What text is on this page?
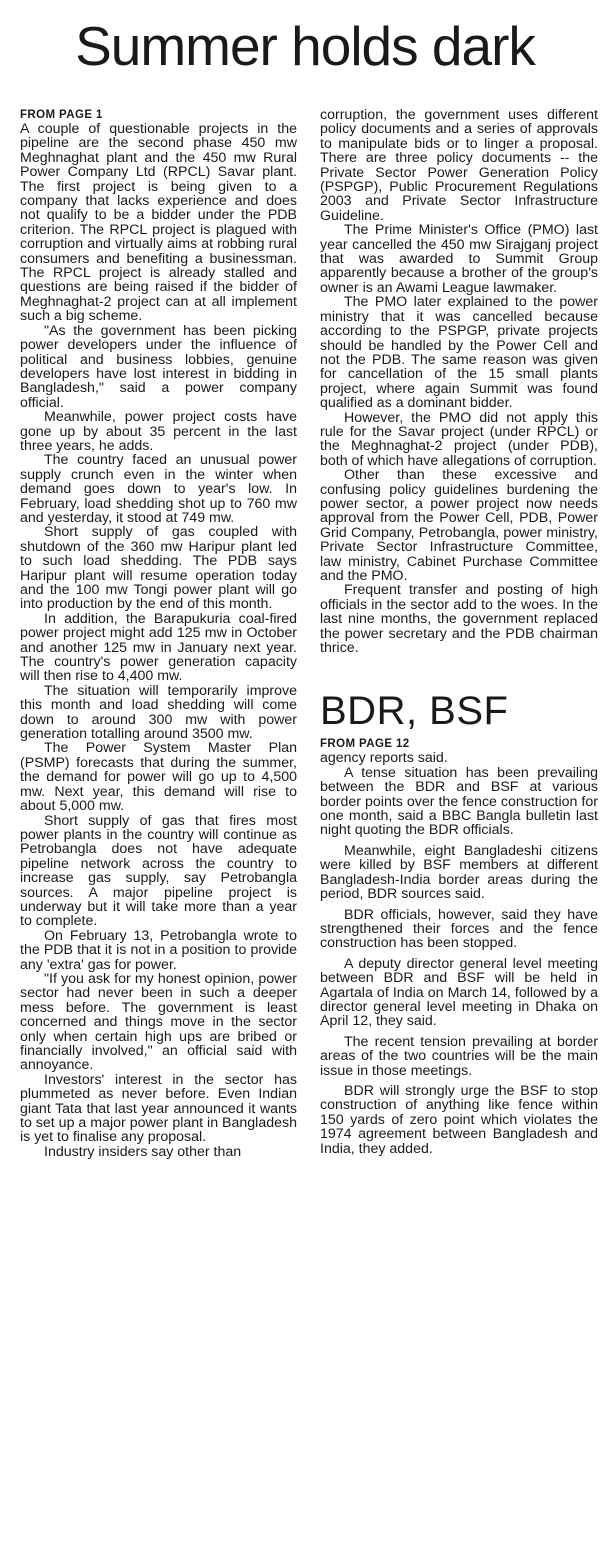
Summer holds dark
FROM PAGE 1

A couple of questionable projects in the pipeline are the second phase 450 mw Meghnaghat plant and the 450 mw Rural Power Company Ltd (RPCL) Savar plant. The first project is being given to a company that lacks experience and does not qualify to be a bidder under the PDB criterion. The RPCL project is plagued with corruption and virtually aims at robbing rural consumers and benefiting a businessman. The RPCL project is already stalled and questions are being raised if the bidder of Meghnaghat-2 project can at all implement such a big scheme.

"As the government has been picking power developers under the influence of political and business lobbies, genuine developers have lost interest in bidding in Bangladesh," said a power company official.

Meanwhile, power project costs have gone up by about 35 percent in the last three years, he adds.

The country faced an unusual power supply crunch even in the winter when demand goes down to year's low. In February, load shedding shot up to 760 mw and yesterday, it stood at 749 mw.

Short supply of gas coupled with shutdown of the 360 mw Haripur plant led to such load shedding. The PDB says Haripur plant will resume operation today and the 100 mw Tongi power plant will go into production by the end of this month.

In addition, the Barapukuria coal-fired power project might add 125 mw in October and another 125 mw in January next year. The country's power generation capacity will then rise to 4,400 mw.

The situation will temporarily improve this month and load shedding will come down to around 300 mw with power generation totalling around 3500 mw.

The Power System Master Plan (PSMP) forecasts that during the summer, the demand for power will go up to 4,500 mw. Next year, this demand will rise to about 5,000 mw.

Short supply of gas that fires most power plants in the country will continue as Petrobangla does not have adequate pipeline network across the country to increase gas supply, say Petrobangla sources. A major pipeline project is underway but it will take more than a year to complete.

On February 13, Petrobangla wrote to the PDB that it is not in a position to provide any 'extra' gas for power.

"If you ask for my honest opinion, power sector had never been in such a deeper mess before. The government is least concerned and things move in the sector only when certain high ups are bribed or financially involved," an official said with annoyance.

Investors' interest in the sector has plummeted as never before. Even Indian giant Tata that last year announced it wants to set up a major power plant in Bangladesh is yet to finalise any proposal.

Industry insiders say other than

corruption, the government uses different policy documents and a series of approvals to manipulate bids or to linger a proposal. There are three policy documents -- the Private Sector Power Generation Policy (PSPGP), Public Procurement Regulations 2003 and Private Sector Infrastructure Guideline.

The Prime Minister's Office (PMO) last year cancelled the 450 mw Sirajganj project that was awarded to Summit Group apparently because a brother of the group's owner is an Awami League lawmaker.

The PMO later explained to the power ministry that it was cancelled because according to the PSPGP, private projects should be handled by the Power Cell and not the PDB. The same reason was given for cancellation of the 15 small plants project, where again Summit was found qualified as a dominant bidder.

However, the PMO did not apply this rule for the Savar project (under RPCL) or the Meghnaghat-2 project (under PDB), both of which have allegations of corruption.

Other than these excessive and confusing policy guidelines burdening the power sector, a power project now needs approval from the Power Cell, PDB, Power Grid Company, Petrobangla, power ministry, Private Sector Infrastructure Committee, law ministry, Cabinet Purchase Committee and the PMO.

Frequent transfer and posting of high officials in the sector add to the woes. In the last nine months, the government replaced the power secretary and the PDB chairman thrice.

BDR, BSF
FROM PAGE 12

agency reports said.

A tense situation has been prevailing between the BDR and BSF at various border points over the fence construction for one month, said a BBC Bangla bulletin last night quoting the BDR officials.

Meanwhile, eight Bangladeshi citizens were killed by BSF members at different Bangladesh-India border areas during the period, BDR sources said.

BDR officials, however, said they have strengthened their forces and the fence construction has been stopped.

A deputy director general level meeting between BDR and BSF will be held in Agartala of India on March 14, followed by a director general level meeting in Dhaka on April 12, they said.

The recent tension prevailing at border areas of the two countries will be the main issue in those meetings.

BDR will strongly urge the BSF to stop construction of anything like fence within 150 yards of zero point which violates the 1974 agreement between Bangladesh and India, they added.
